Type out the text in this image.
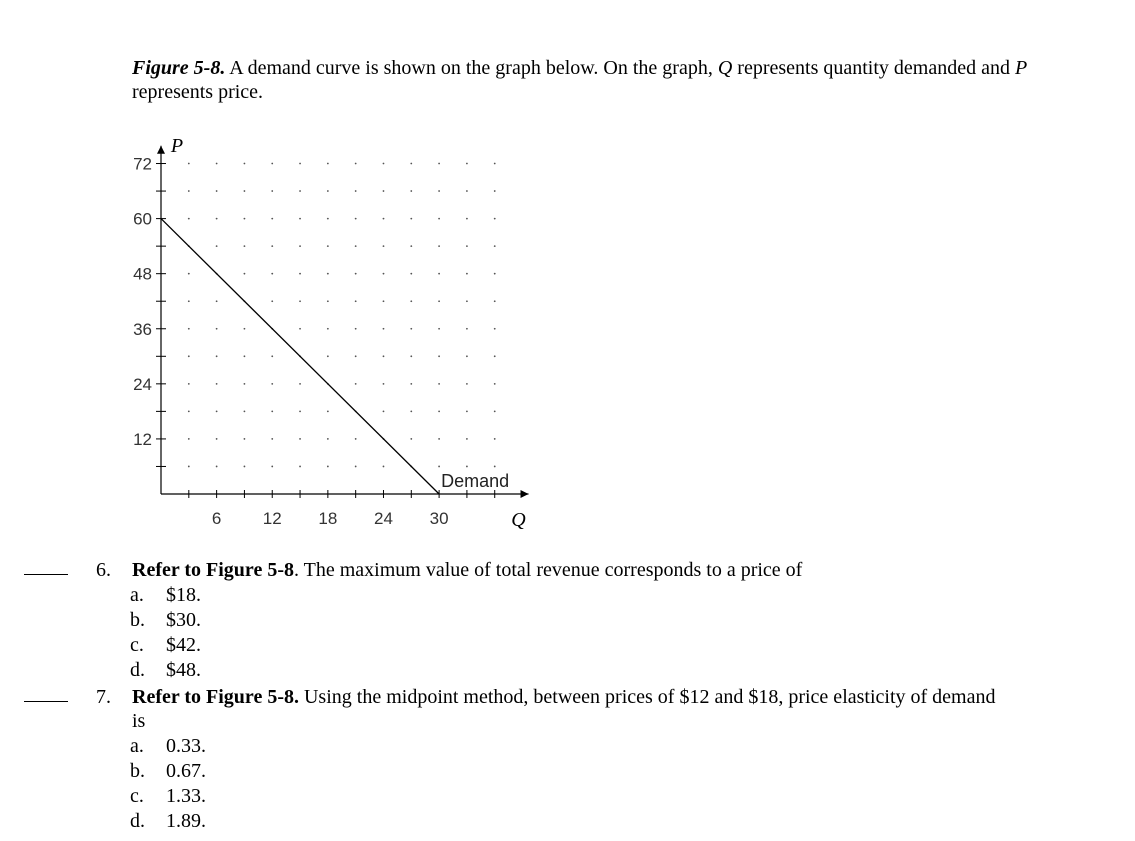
Figure 5-8. A demand curve is shown on the graph below. On the graph, Q represents quantity demanded and P represents price.
6 12 18 24 30
12
24
36
48
60
72
Q
P
Demand
6. Refer to Figure 5-8. The maximum value of total revenue corresponds to a price of
a. $18.
b. $30.
c. $42.
d. $48.
7. Refer to Figure 5-8. Using the midpoint method, between prices of $12 and $18, price elasticity of demand is
a. 0.33.
b. 0.67.
c. 1.33.
d. 1.89.
